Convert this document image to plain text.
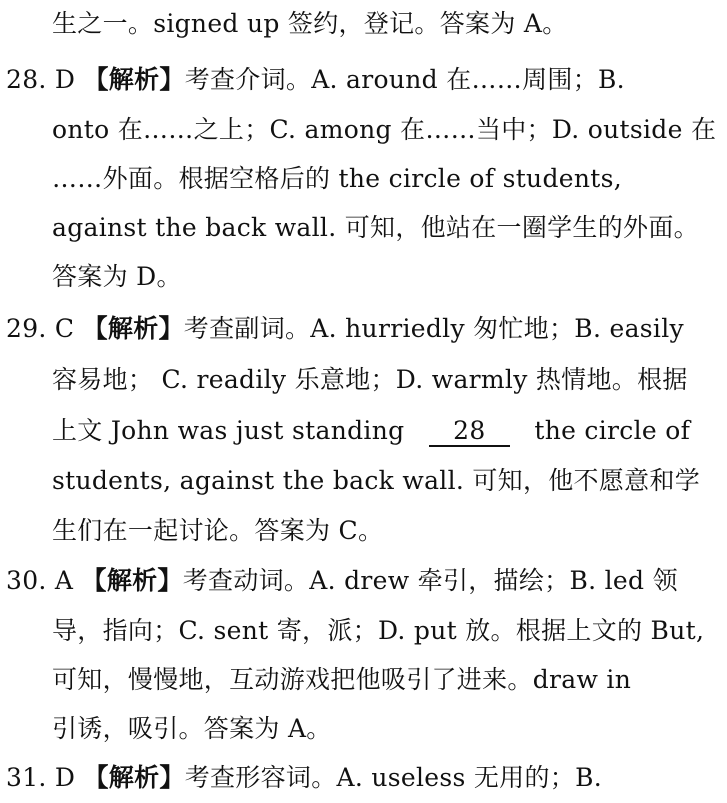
生之一。signed up 签约，登记。答案为 A。
28. D 【解析】考查介词。A. around 在……周围；B.
onto 在……之上；C. among 在……当中；D. outside 在
……外面。根据空格后的 the circle of students,
against the back wall. 可知，他站在一圈学生的外面。
答案为 D。
29. C 【解析】考查副词。A. hurriedly 匆忙地；B. easily
容易地； C. readily 乐意地；D. warmly 热情地。根据
上文 John was just standing 28 the circle of
students, against the back wall. 可知，他不愿意和学
生们在一起讨论。答案为 C。
30. A 【解析】考查动词。A. drew 牵引，描绘；B. led 领
导，指向；C. sent 寄，派；D. put 放。根据上文的 But,
可知，慢慢地，互动游戏把他吸引了进来。draw in
引诱，吸引。答案为 A。
31. D 【解析】考查形容词。A. useless 无用的；B.
